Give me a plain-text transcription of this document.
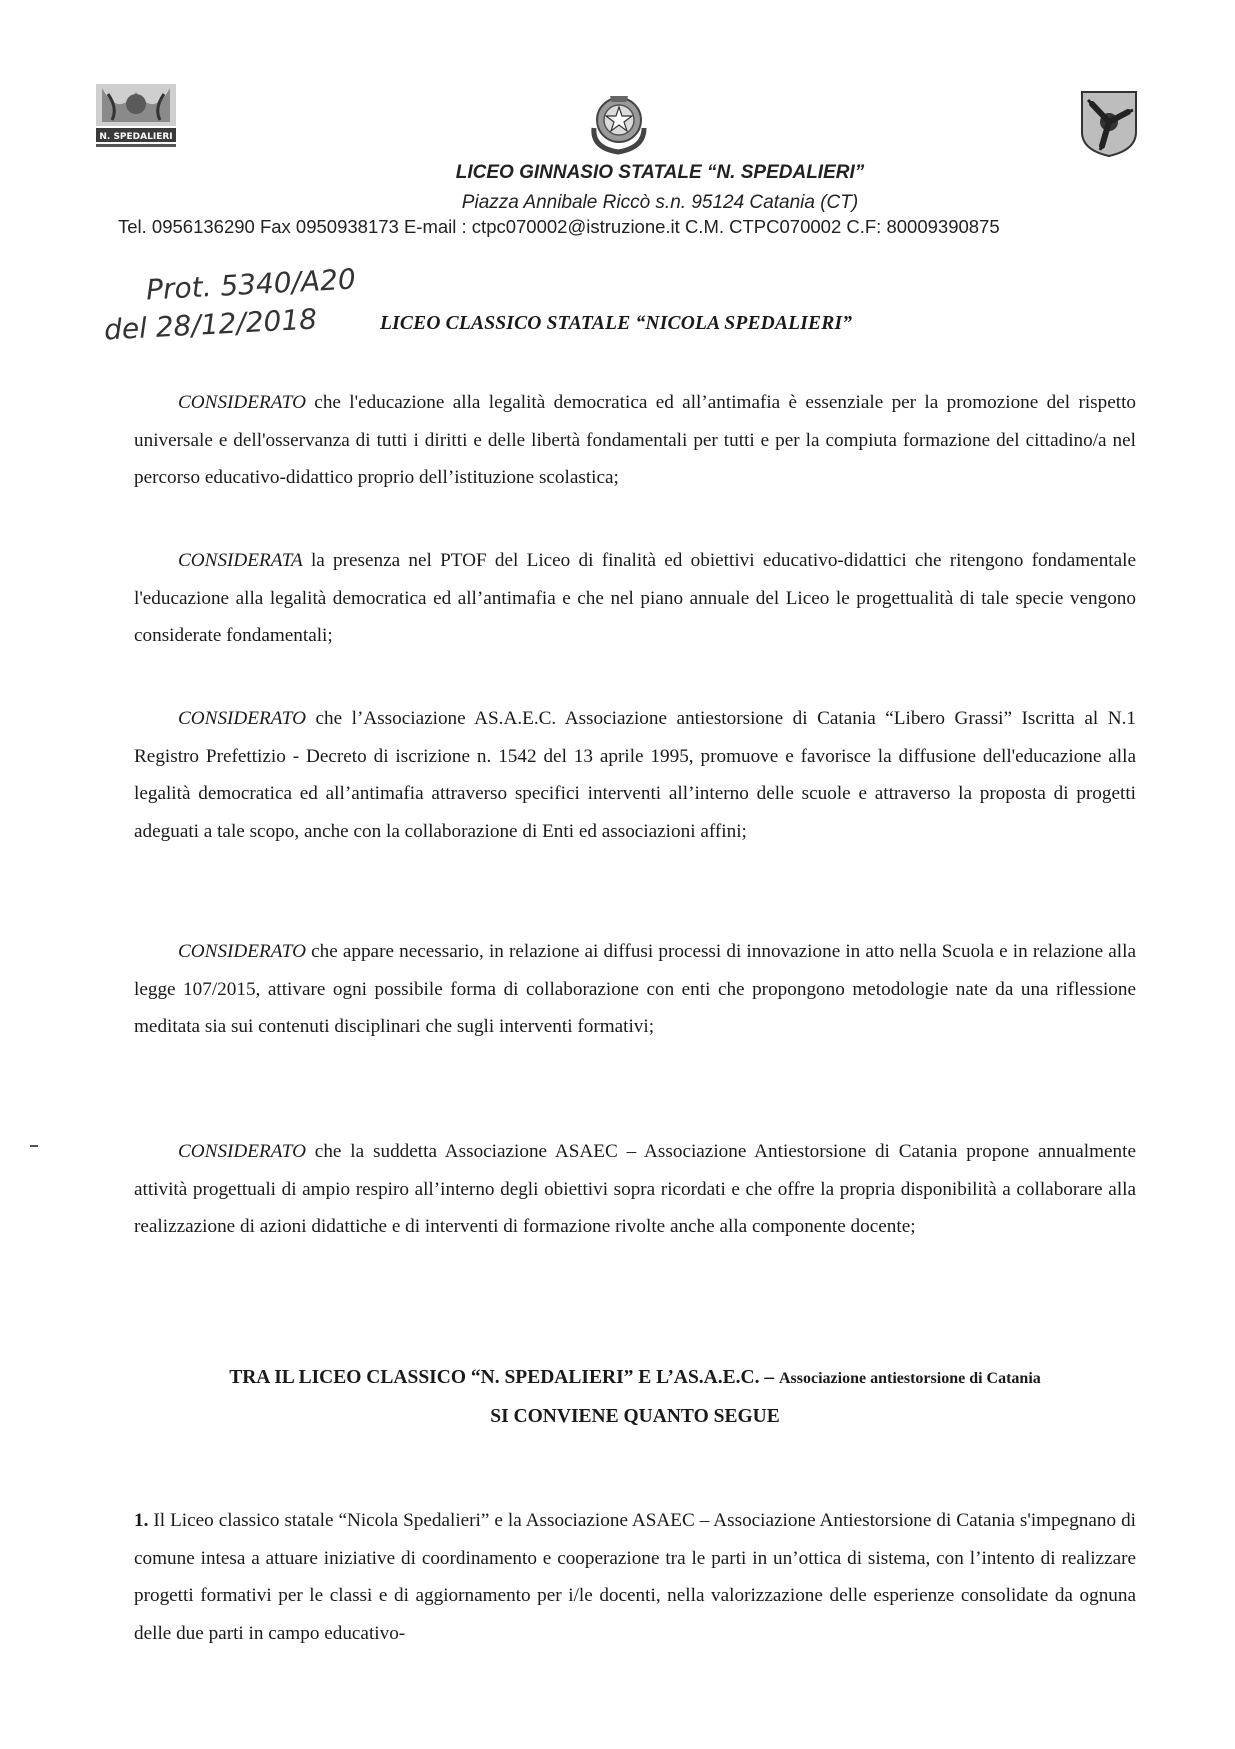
N. SPEDALIERI
LICEO GINNASIO STATALE “N. SPEDALIERI”
Piazza Annibale Riccò s.n. 95124 Catania (CT)
Tel. 0956136290 Fax 0950938173 E-mail : ctpc070002@istruzione.it C.M. CTPC070002 C.F: 80009390875
Prot. 5340/A20
del 28/12/2018	LICEO CLASSICO STATALE “NICOLA SPEDALIERI”
CONSIDERATO che l'educazione alla legalità democratica ed all’antimafia è essenziale per la promozione del rispetto universale e dell'osservanza di tutti i diritti e delle libertà fondamentali per tutti e per la compiuta formazione del cittadino/a nel percorso educativo-didattico proprio dell’istituzione scolastica;
CONSIDERATA la presenza nel PTOF del Liceo di finalità ed obiettivi educativo-didattici che ritengono fondamentale l'educazione alla legalità democratica ed all’antimafia e che nel piano annuale del Liceo le progettualità di tale specie vengono considerate fondamentali;
CONSIDERATO che l’Associazione AS.A.E.C. Associazione antiestorsione di Catania “Libero Grassi” Iscritta al N.1 Registro Prefettizio - Decreto di iscrizione n. 1542 del 13 aprile 1995, promuove e favorisce la diffusione dell'educazione alla legalità democratica ed all’antimafia attraverso specifici interventi all’interno delle scuole e attraverso la proposta di progetti adeguati a tale scopo, anche con la collaborazione di Enti ed associazioni affini;
CONSIDERATO che appare necessario, in relazione ai diffusi processi di innovazione in atto nella Scuola e in relazione alla legge 107/2015, attivare ogni possibile forma di collaborazione con enti che propongono metodologie nate da una riflessione meditata sia sui contenuti disciplinari che sugli interventi formativi;
CONSIDERATO che la suddetta Associazione ASAEC – Associazione Antiestorsione di Catania propone annualmente attività progettuali di ampio respiro all’interno degli obiettivi sopra ricordati e che offre la propria disponibilità a collaborare alla realizzazione di azioni didattiche e di interventi di formazione rivolte anche alla componente docente;
TRA IL LICEO CLASSICO “N. SPEDALIERI” E L’AS.A.E.C. – Associazione antiestorsione di Catania
SI CONVIENE QUANTO SEGUE
1. Il Liceo classico statale “Nicola Spedalieri” e la Associazione ASAEC – Associazione Antiestorsione di Catania s'impegnano di comune intesa a attuare iniziative di coordinamento e cooperazione tra le parti in un’ottica di sistema, con l’intento di realizzare progetti formativi per le classi e di aggiornamento per i/le docenti, nella valorizzazione delle esperienze consolidate da ognuna delle due parti in campo educativo-
